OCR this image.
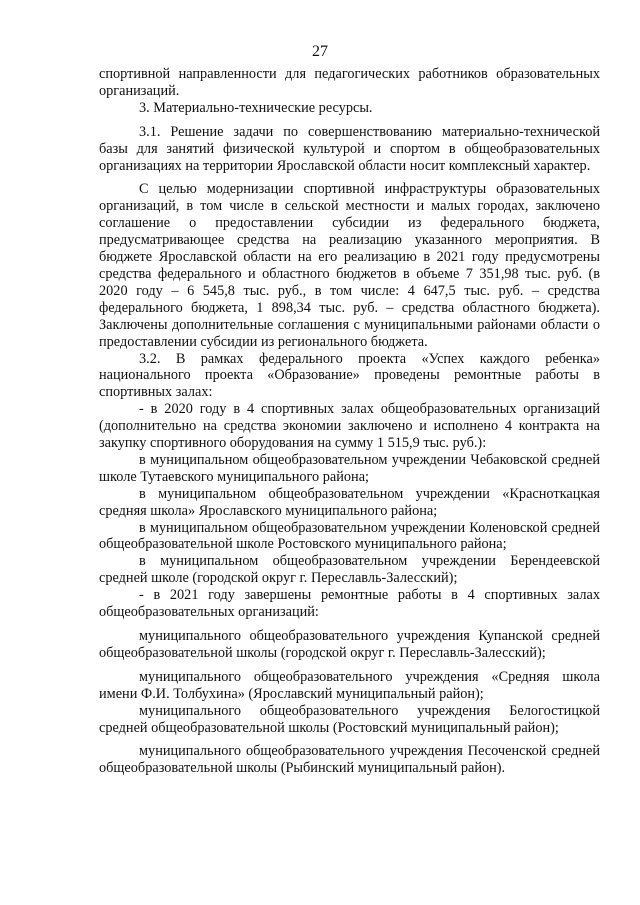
27

спортивной направленности для педагогических работников образовательных организаций.

3. Материально-технические ресурсы.

3.1. Решение задачи по совершенствованию материально-технической базы для занятий физической культурой и спортом в общеобразовательных организациях на территории Ярославской области носит комплексный характер.

С целью модернизации спортивной инфраструктуры образовательных организаций, в том числе в сельской местности и малых городах, заключено соглашение о предоставлении субсидии из федерального бюджета, предусматривающее средства на реализацию указанного мероприятия. В бюджете Ярославской области на его реализацию в 2021 году предусмотрены средства федерального и областного бюджетов в объеме 7 351,98 тыс. руб. (в 2020 году – 6 545,8 тыс. руб., в том числе: 4 647,5 тыс. руб. – средства федерального бюджета, 1 898,34 тыс. руб. – средства областного бюджета). Заключены дополнительные соглашения с муниципальными районами области о предоставлении субсидии из регионального бюджета.

3.2. В рамках федерального проекта «Успех каждого ребенка» национального проекта «Образование» проведены ремонтные работы в спортивных залах:

- в 2020 году в 4 спортивных залах общеобразовательных организаций (дополнительно на средства экономии заключено и исполнено 4 контракта на закупку спортивного оборудования на сумму 1 515,9 тыс. руб.):

в муниципальном общеобразовательном учреждении Чебаковской средней школе Тутаевского муниципального района;

в муниципальном общеобразовательном учреждении «Красноткацкая средняя школа» Ярославского муниципального района;

в муниципальном общеобразовательном учреждении Коленовской средней общеобразовательной школе Ростовского муниципального района;

в муниципальном общеобразовательном учреждении Берендеевской средней школе (городской округ г. Переславль-Залесский);

- в 2021 году завершены ремонтные работы в 4 спортивных залах общеобразовательных организаций:

муниципального общеобразовательного учреждения Купанской средней общеобразовательной школы (городской округ г. Переславль-Залесский);

муниципального общеобразовательного учреждения «Средняя школа имени Ф.И. Толбухина» (Ярославский муниципальный район);

муниципального общеобразовательного учреждения Белогостицкой средней общеобразовательной школы (Ростовский муниципальный район);

муниципального общеобразовательного учреждения Песоченской средней общеобразовательной школы (Рыбинский муниципальный район).
